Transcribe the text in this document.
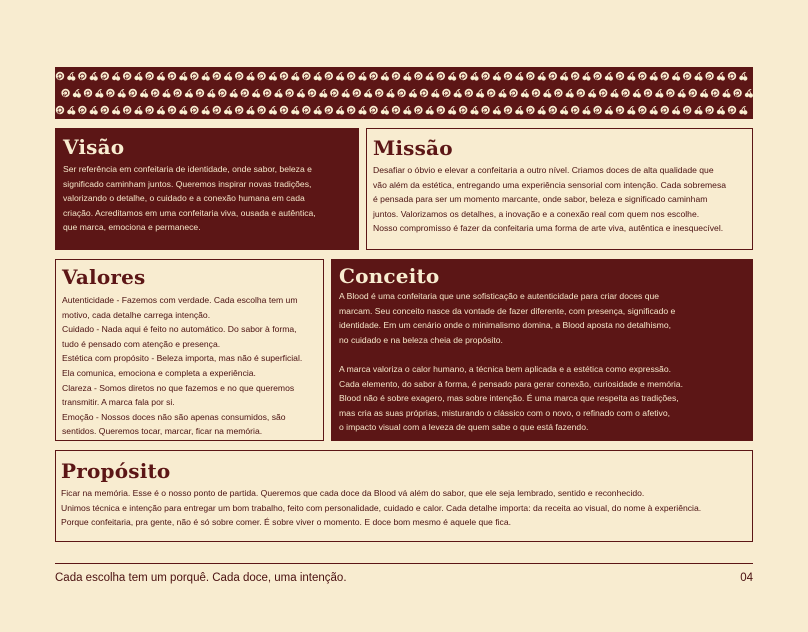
Visão

Ser referência em confeitaria de identidade, onde sabor, beleza e
significado caminham juntos. Queremos inspirar novas tradições,
valorizando o detalhe, o cuidado e a conexão humana em cada
criação. Acreditamos em uma confeitaria viva, ousada e autêntica,
que marca, emociona e permanece.

Missão

Desafiar o óbvio e elevar a confeitaria a outro nível. Criamos doces de alta qualidade que
vão além da estética, entregando uma experiência sensorial com intenção. Cada sobremesa
é pensada para ser um momento marcante, onde sabor, beleza e significado caminham
juntos. Valorizamos os detalhes, a inovação e a conexão real com quem nos escolhe.
Nosso compromisso é fazer da confeitaria uma forma de arte viva, autêntica e inesquecível.

Valores

Autenticidade - Fazemos com verdade. Cada escolha tem um
motivo, cada detalhe carrega intenção.
Cuidado - Nada aqui é feito no automático. Do sabor à forma,
tudo é pensado com atenção e presença.
Estética com propósito - Beleza importa, mas não é superficial.
Ela comunica, emociona e completa a experiência.
Clareza - Somos diretos no que fazemos e no que queremos
transmitir. A marca fala por si.
Emoção - Nossos doces não são apenas consumidos, são
sentidos. Queremos tocar, marcar, ficar na memória.

Conceito

A Blood é uma confeitaria que une sofisticação e autenticidade para criar doces que
marcam. Seu conceito nasce da vontade de fazer diferente, com presença, significado e
identidade. Em um cenário onde o minimalismo domina, a Blood aposta no detalhismo,
no cuidado e na beleza cheia de propósito.

A marca valoriza o calor humano, a técnica bem aplicada e a estética como expressão.
Cada elemento, do sabor à forma, é pensado para gerar conexão, curiosidade e memória.
Blood não é sobre exagero, mas sobre intenção. É uma marca que respeita as tradições,
mas cria as suas próprias, misturando o clássico com o novo, o refinado com o afetivo,
o impacto visual com a leveza de quem sabe o que está fazendo.

Propósito

Ficar na memória. Esse é o nosso ponto de partida. Queremos que cada doce da Blood vá além do sabor, que ele seja lembrado, sentido e reconhecido.
Unimos técnica e intenção para entregar um bom trabalho, feito com personalidade, cuidado e calor. Cada detalhe importa: da receita ao visual, do nome à experiência.
Porque confeitaria, pra gente, não é só sobre comer. É sobre viver o momento. E doce bom mesmo é aquele que fica.

Cada escolha tem um porquê. Cada doce, uma intenção.	04
